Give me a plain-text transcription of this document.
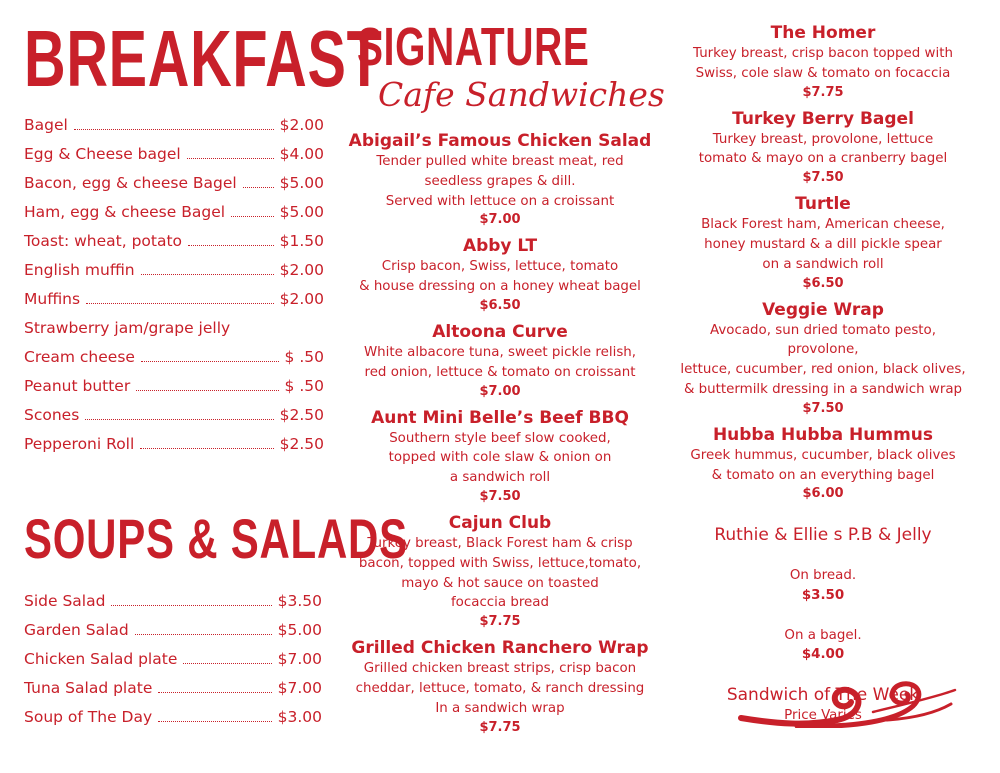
BREAKFAST
Bagel	$2.00
Egg & Cheese bagel	$4.00
Bacon, egg & cheese Bagel	$5.00
Ham, egg & cheese Bagel	$5.00
Toast: wheat, potato	$1.50
English muffin	$2.00
Muffins	$2.00
Strawberry jam/grape jelly
Cream cheese	$ .50
Peanut butter	$ .50
Scones	$2.50
Pepperoni Roll	$2.50
SOUPS & SALADS
Side Salad	$3.50
Garden Salad	$5.00
Chicken Salad plate	$7.00
Tuna Salad plate	$7.00
Soup of The Day	$3.00
SIGNATURE
Cafe Sandwiches
Abigail’s Famous Chicken Salad
Tender pulled white breast meat, red
seedless grapes & dill.
Served with lettuce on a croissant
$7.00
Abby LT
Crisp bacon, Swiss, lettuce, tomato
& house dressing on a honey wheat bagel
$6.50
Altoona Curve
White albacore tuna, sweet pickle relish,
red onion, lettuce & tomato on croissant
$7.00
Aunt Mini Belle’s Beef BBQ
Southern style beef slow cooked,
topped with cole slaw & onion on
a sandwich roll
$7.50
Cajun Club
Turkey breast, Black Forest ham & crisp
bacon, topped with Swiss, lettuce,tomato,
mayo & hot sauce on toasted
focaccia bread
$7.75
Grilled Chicken Ranchero Wrap
Grilled chicken breast strips, crisp bacon
cheddar, lettuce, tomato, & ranch dressing
In a sandwich wrap
$7.75
The Homer
Turkey breast, crisp bacon topped with
Swiss, cole slaw & tomato on focaccia
$7.75
Turkey Berry Bagel
Turkey breast, provolone, lettuce
tomato & mayo on a cranberry bagel
$7.50
Turtle
Black Forest ham, American cheese,
honey mustard & a dill pickle spear
on a sandwich roll
$6.50
Veggie Wrap
Avocado, sun dried tomato pesto,
provolone,
lettuce, cucumber, red onion, black olives,
& buttermilk dressing in a sandwich wrap
$7.50
Hubba Hubba Hummus
Greek hummus, cucumber, black olives
& tomato on an everything bagel
$6.00
Ruthie & Ellie s P.B & Jelly

On bread.
$3.50

On a bagel.
$4.00

Sandwich of The Week
Price Varies
